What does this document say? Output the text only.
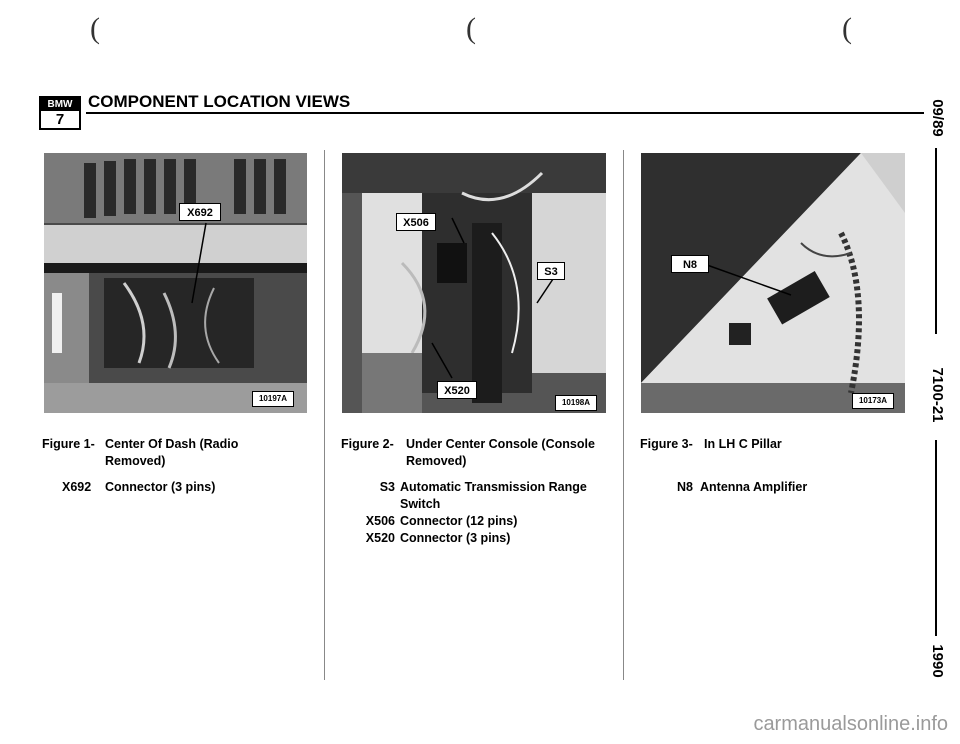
(	(	(
BMW
7
COMPONENT LOCATION VIEWS
X692
10197A
X506
S3
X520
10198A
N8
10173A
Figure 1- Center Of Dash (Radio
Removed)
X692 Connector (3 pins)
Figure 2- Under Center Console (Console
Removed)
S3 Automatic Transmission Range
Switch
X506 Connector (12 pins)
X520 Connector (3 pins)
Figure 3- In LH C Pillar
N8 Antenna Amplifier
09/89
7100-21
1990
carmanualsonline.info
